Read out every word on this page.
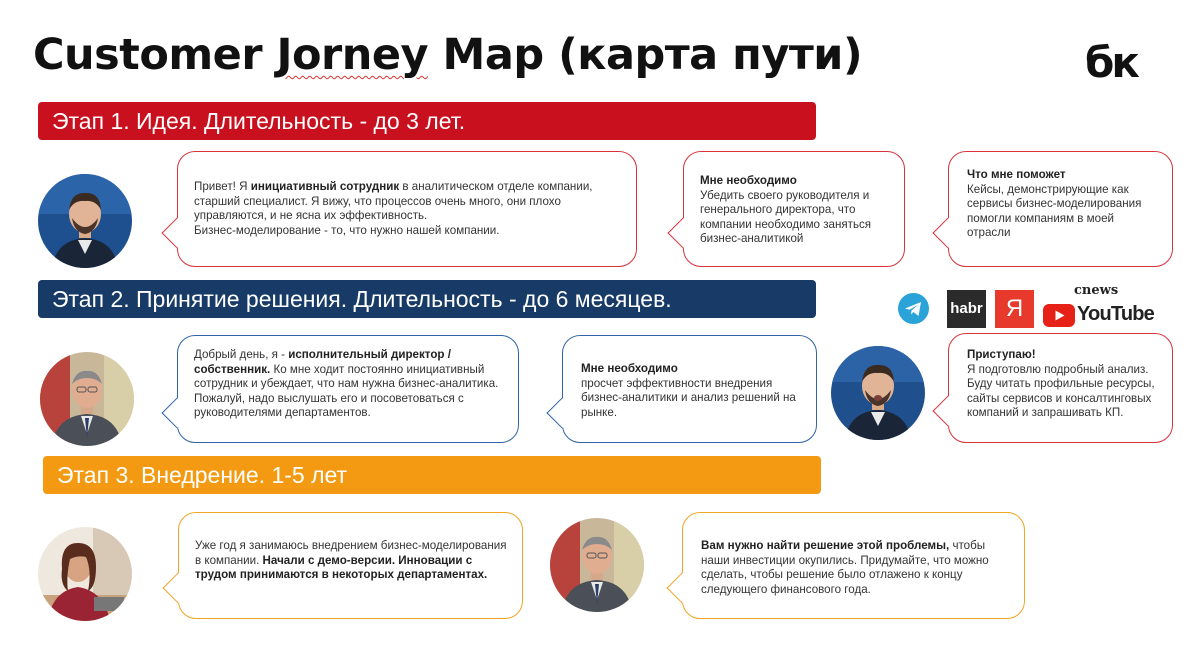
Customer Jorney Map (карта пути)	бк
Этап 1. Идея. Длительность - до 3 лет.
Этап 2. Принятие решения. Длительность - до 6 месяцев.
Этап 3. Внедрение. 1-5 лет

Привет! Я инициативный сотрудник в аналитическом отделе компании, старший специалист. Я вижу, что процессов очень много, они плохо управляются, и не ясна их эффективность.
Бизнес-моделирование - то, что нужно нашей компании.

Мне необходимо
Убедить своего руководителя и генерального директора, что компании необходимо заняться бизнес-аналитикой

Что мне поможет
Кейсы, демонстрирующие как сервисы бизнес-моделирования помогли компаниям в моей отрасли

habr Я
cnews
YouTube

Добрый день, я - исполнительный директор / собственник. Ко мне ходит постоянно инициативный сотрудник и убеждает, что нам нужна бизнес-аналитика. Пожалуй, надо выслушать его и посоветоваться с руководителями департаментов.

Мне необходимо
просчет эффективности внедрения бизнес-аналитики и анализ решений на рынке.

Приступаю!
Я подготовлю подробный анализ. Буду читать профильные ресурсы, сайты сервисов и консалтинговых компаний и запрашивать КП.

Уже год я занимаюсь внедрением бизнес-моделирования в компании. Начали с демо-версии. Инновации с трудом принимаются в некоторых департаментах.

Вам нужно найти решение этой проблемы, чтобы наши инвестиции окупились. Придумайте, что можно сделать, чтобы решение было отлажено к концу следующего финансового года.
